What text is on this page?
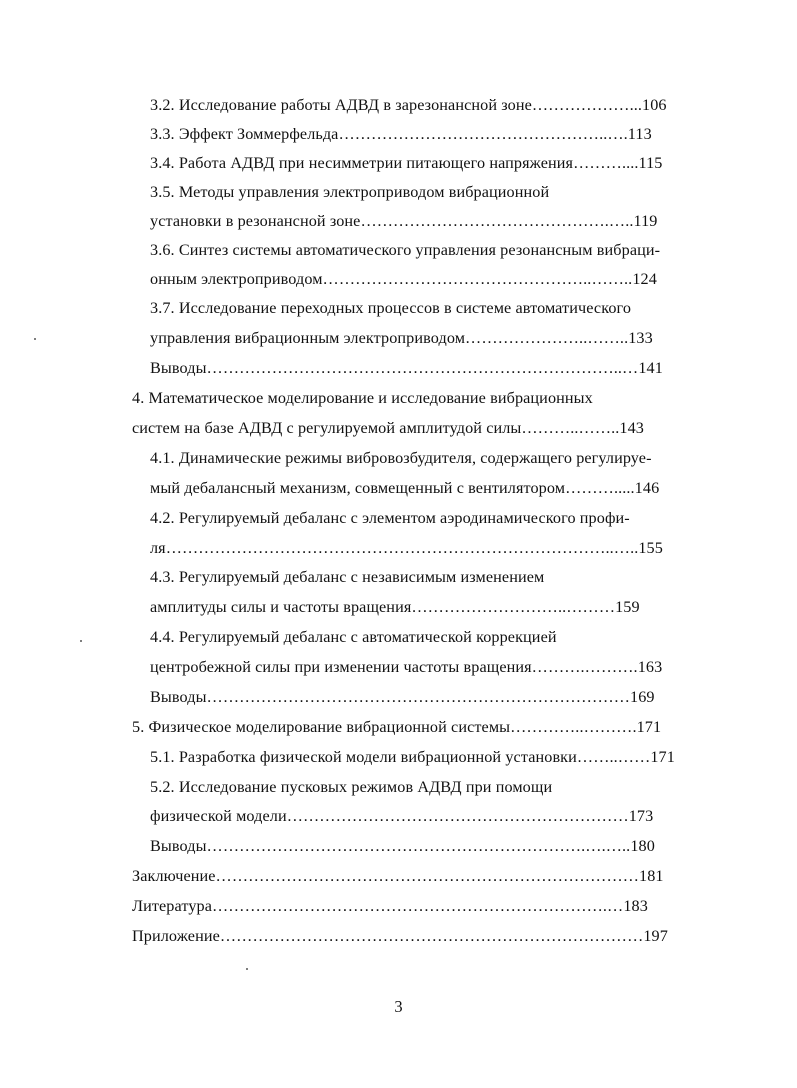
3.2. Исследование работы АДВД в зарезонансной зоне………………...106
3.3. Эффект Зоммерфельда…………………………………………..….113
3.4. Работа АДВД при несимметрии питающего напряжения………....115
3.5. Методы управления электроприводом вибрационной
установки в резонансной зоне……………………………………….…..119
3.6. Синтез системы автоматического управления резонансным вибраци-
онным электроприводом…………………………………………..……..124
3.7. Исследование переходных процессов в системе автоматического
управления вибрационным электроприводом…………………..……..133
Выводы…………………………………………………………………..…141
4. Математическое моделирование и исследование вибрационных
систем на базе АДВД с регулируемой амплитудой силы………..……..143
4.1. Динамические режимы вибровозбудителя, содержащего регулируе-
мый дебалансный механизм, совмещенный с вентилятором……….....146
4.2. Регулируемый дебаланс с элементом аэродинамического профи-
ля………………………………………………………………………..…..155
4.3. Регулируемый дебаланс с независимым изменением
амплитуды силы и частоты вращения………………………..………159
4.4. Регулируемый дебаланс с автоматической коррекцией
центробежной силы при изменении частоты вращения……….……….163
Выводы……………………………………………………………………169
5. Физическое моделирование вибрационной системы…………..……….171
5.1. Разработка физической модели вибрационной установки……..……171
5.2. Исследование пусковых режимов АДВД при помощи
физической модели………………………………………………………173
Выводы…………………………………………………………….….…..180
Заключение……………………………………………………………………181
Литература……………………………………………………………….…183
Приложение……………………………………………………………………197
3
